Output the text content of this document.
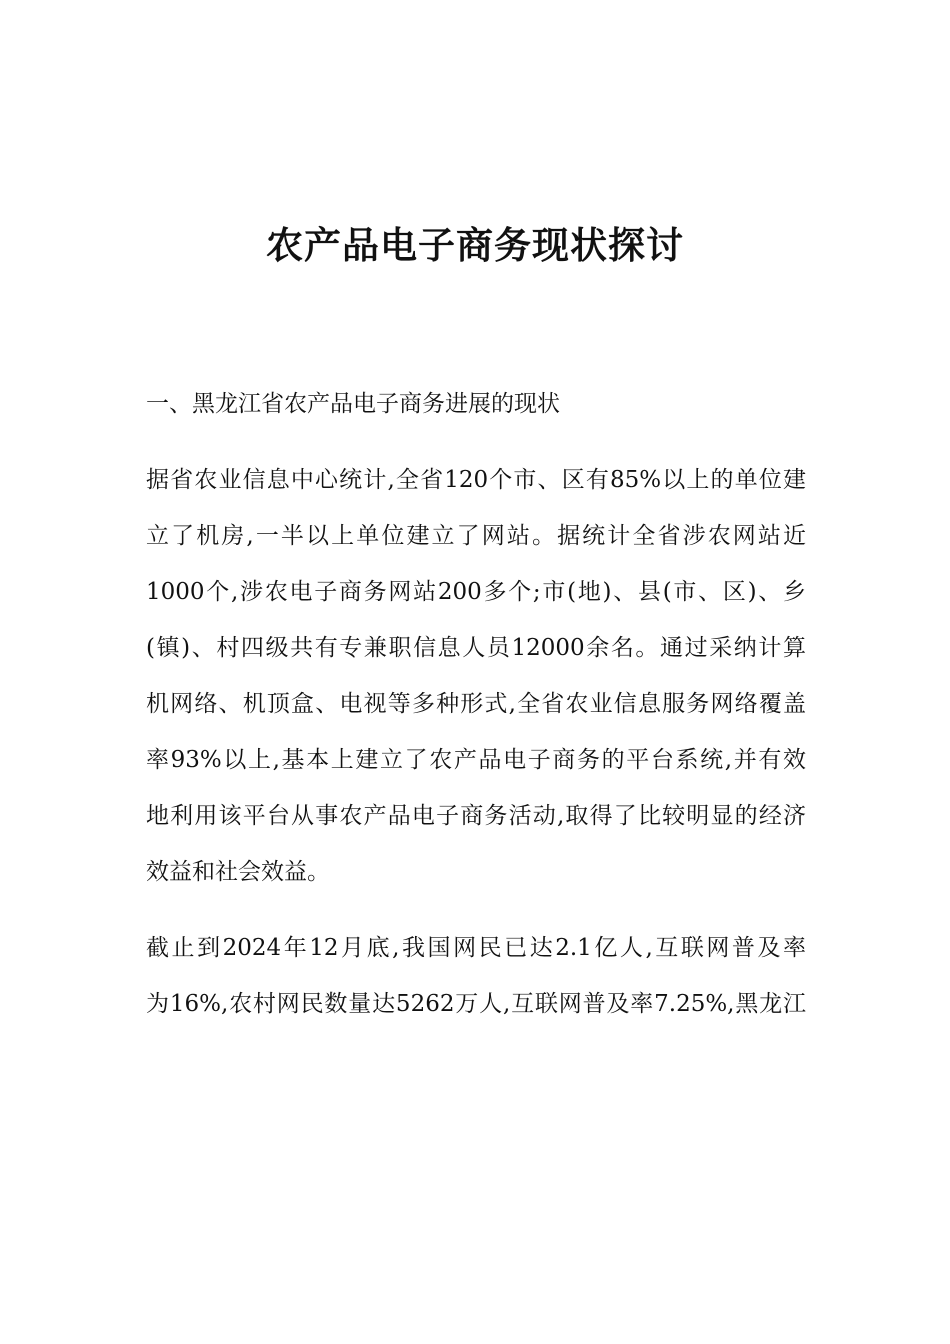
农产品电子商务现状探讨

一、黑龙江省农产品电子商务进展的现状

据省农业信息中心统计,全省120个市、区有85%以上的单位建
立了机房,一半以上单位建立了网站。据统计全省涉农网站近
1000个,涉农电子商务网站200多个;市(地)、县(市、区)、乡
(镇)、村四级共有专兼职信息人员12000余名。通过采纳计算
机网络、机顶盒、电视等多种形式,全省农业信息服务网络覆盖
率93%以上,基本上建立了农产品电子商务的平台系统,并有效
地利用该平台从事农产品电子商务活动,取得了比较明显的经济
效益和社会效益。
截止到2024年12月底,我国网民已达2.1亿人,互联网普及率
为16%,农村网民数量达5262万人,互联网普及率7.25%,黑龙江
